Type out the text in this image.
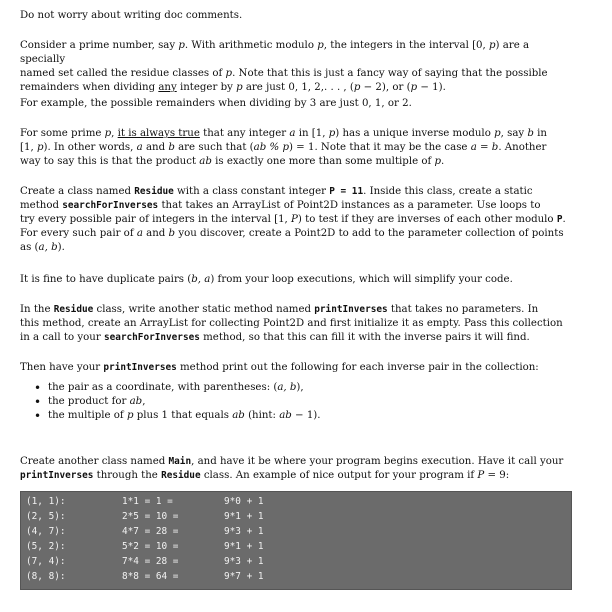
Do not worry about writing doc comments.

Consider a prime number, say p. With arithmetic modulo p, the integers in the interval [0, p) are a specially
named set called the residue classes of p. Note that this is just a fancy way of saying that the possible
remainders when dividing any integer by p are just 0, 1, 2,. . . , (p − 2), or (p − 1).

For example, the possible remainders when dividing by 3 are just 0, 1, or 2.

For some prime p, it is always true that any integer a in [1, p) has a unique inverse modulo p, say b in
[1, p). In other words, a and b are such that (ab % p) = 1. Note that it may be the case a = b. Another
way to say this is that the product ab is exactly one more than some multiple of p.

Create a class named Residue with a class constant integer P = 11. Inside this class, create a static
method searchForInverses that takes an ArrayList of Point2D instances as a parameter. Use loops to
try every possible pair of integers in the interval [1, P) to test if they are inverses of each other modulo P.
For every such pair of a and b you discover, create a Point2D to add to the parameter collection of points
as (a, b).

It is fine to have duplicate pairs (b, a) from your loop executions, which will simplify your code.

In the Residue class, write another static method named printInverses that takes no parameters. In
this method, create an ArrayList for collecting Point2D and first initialize it as empty. Pass this collection
in a call to your searchForInverses method, so that this can fill it with the inverse pairs it will find.

Then have your printInverses method print out the following for each inverse pair in the collection:

• the pair as a coordinate, with parentheses: (a, b),
• the product for ab,
• the multiple of p plus 1 that equals ab (hint: ab − 1).

Create another class named Main, and have it be where your program begins execution. Have it call your
printInverses through the Residue class. An example of nice output for your program if P = 9:

(1, 1):	1*1 = 1 =	9*0 + 1
(2, 5):	2*5 = 10 =	9*1 + 1
(4, 7):	4*7 = 28 =	9*3 + 1
(5, 2):	5*2 = 10 =	9*1 + 1
(7, 4):	7*4 = 28 =	9*3 + 1
(8, 8):	8*8 = 64 =	9*7 + 1
